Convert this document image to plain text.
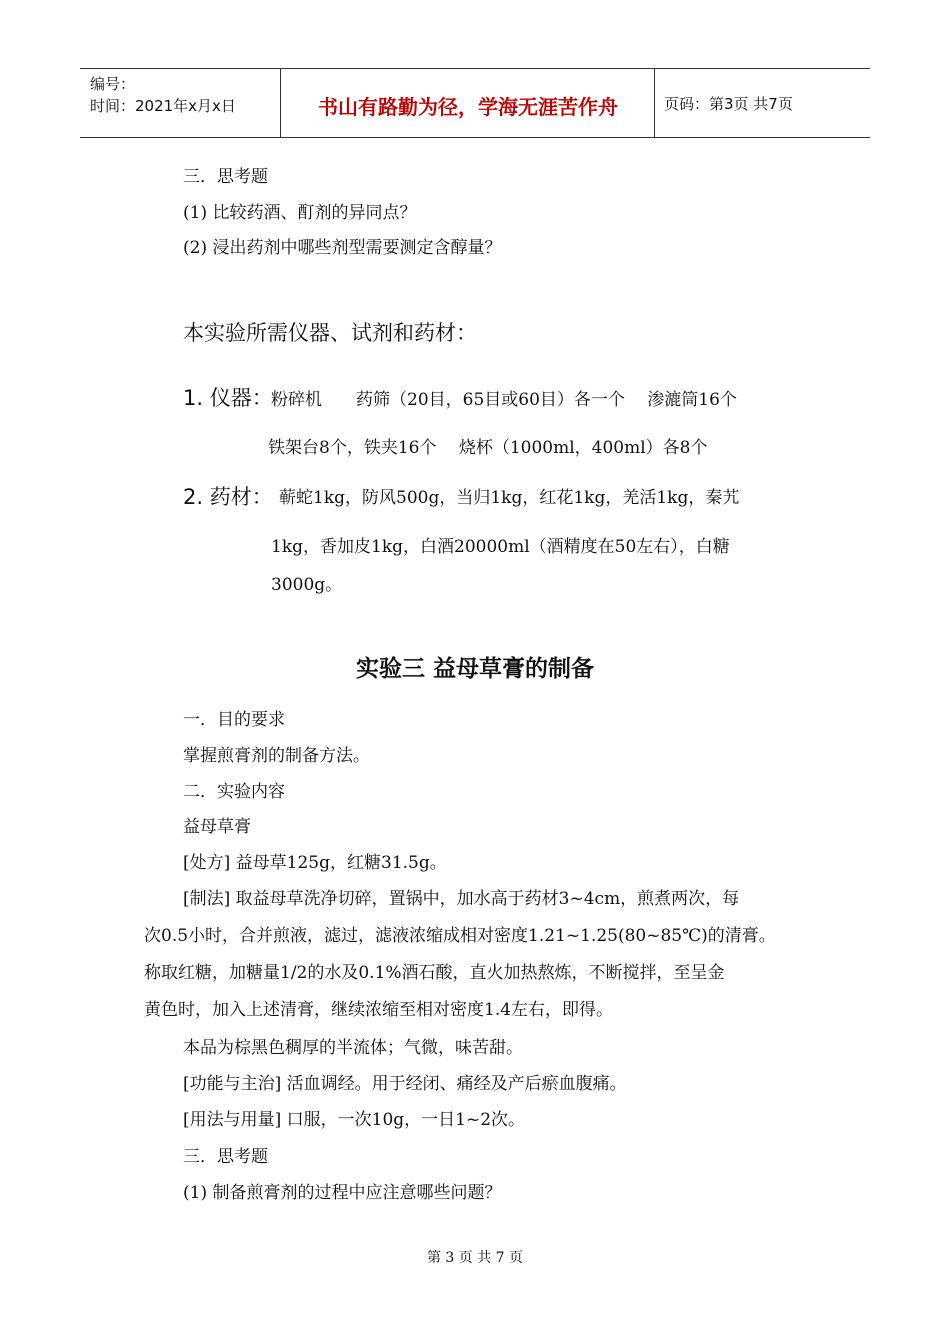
编号：
时间：2021年x月x日	书山有路勤为径，学海无涯苦作舟	页码：第3页 共7页
三．思考题
(1) 比较药酒、酊剂的异同点？
(2) 浸出药剂中哪些剂型需要测定含醇量？
本实验所需仪器、试剂和药材：
1. 仪器：
粉碎机　　药筛（20目，65目或60目）各一个　 渗漉筒16个
铁架台8个，铁夹16个　 烧杯（1000ml，400ml）各8个
2. 药材： 蕲蛇1kg，防风500g，当归1kg，红花1kg，羌活1kg，秦艽
1kg，香加皮1kg，白酒20000ml（酒精度在50左右），白糖
3000g。
实验三 益母草膏的制备
一．目的要求
掌握煎膏剂的制备方法。
二．实验内容
益母草膏
[处方] 益母草125g，红糖31.5g。
[制法] 取益母草洗净切碎，置锅中，加水高于药材3~4cm，煎煮两次，每
次0.5小时，合并煎液，滤过，滤液浓缩成相对密度1.21~1.25(80~85℃)的清膏。
称取红糖，加糖量1/2的水及0.1%酒石酸，直火加热熬炼，不断搅拌，至呈金
黄色时，加入上述清膏，继续浓缩至相对密度1.4左右，即得。
本品为棕黑色稠厚的半流体；气微，味苦甜。
[功能与主治] 活血调经。用于经闭、痛经及产后瘀血腹痛。
[用法与用量] 口服，一次10g，一日1~2次。
三．思考题
(1) 制备煎膏剂的过程中应注意哪些问题？
第 3 页 共 7 页
